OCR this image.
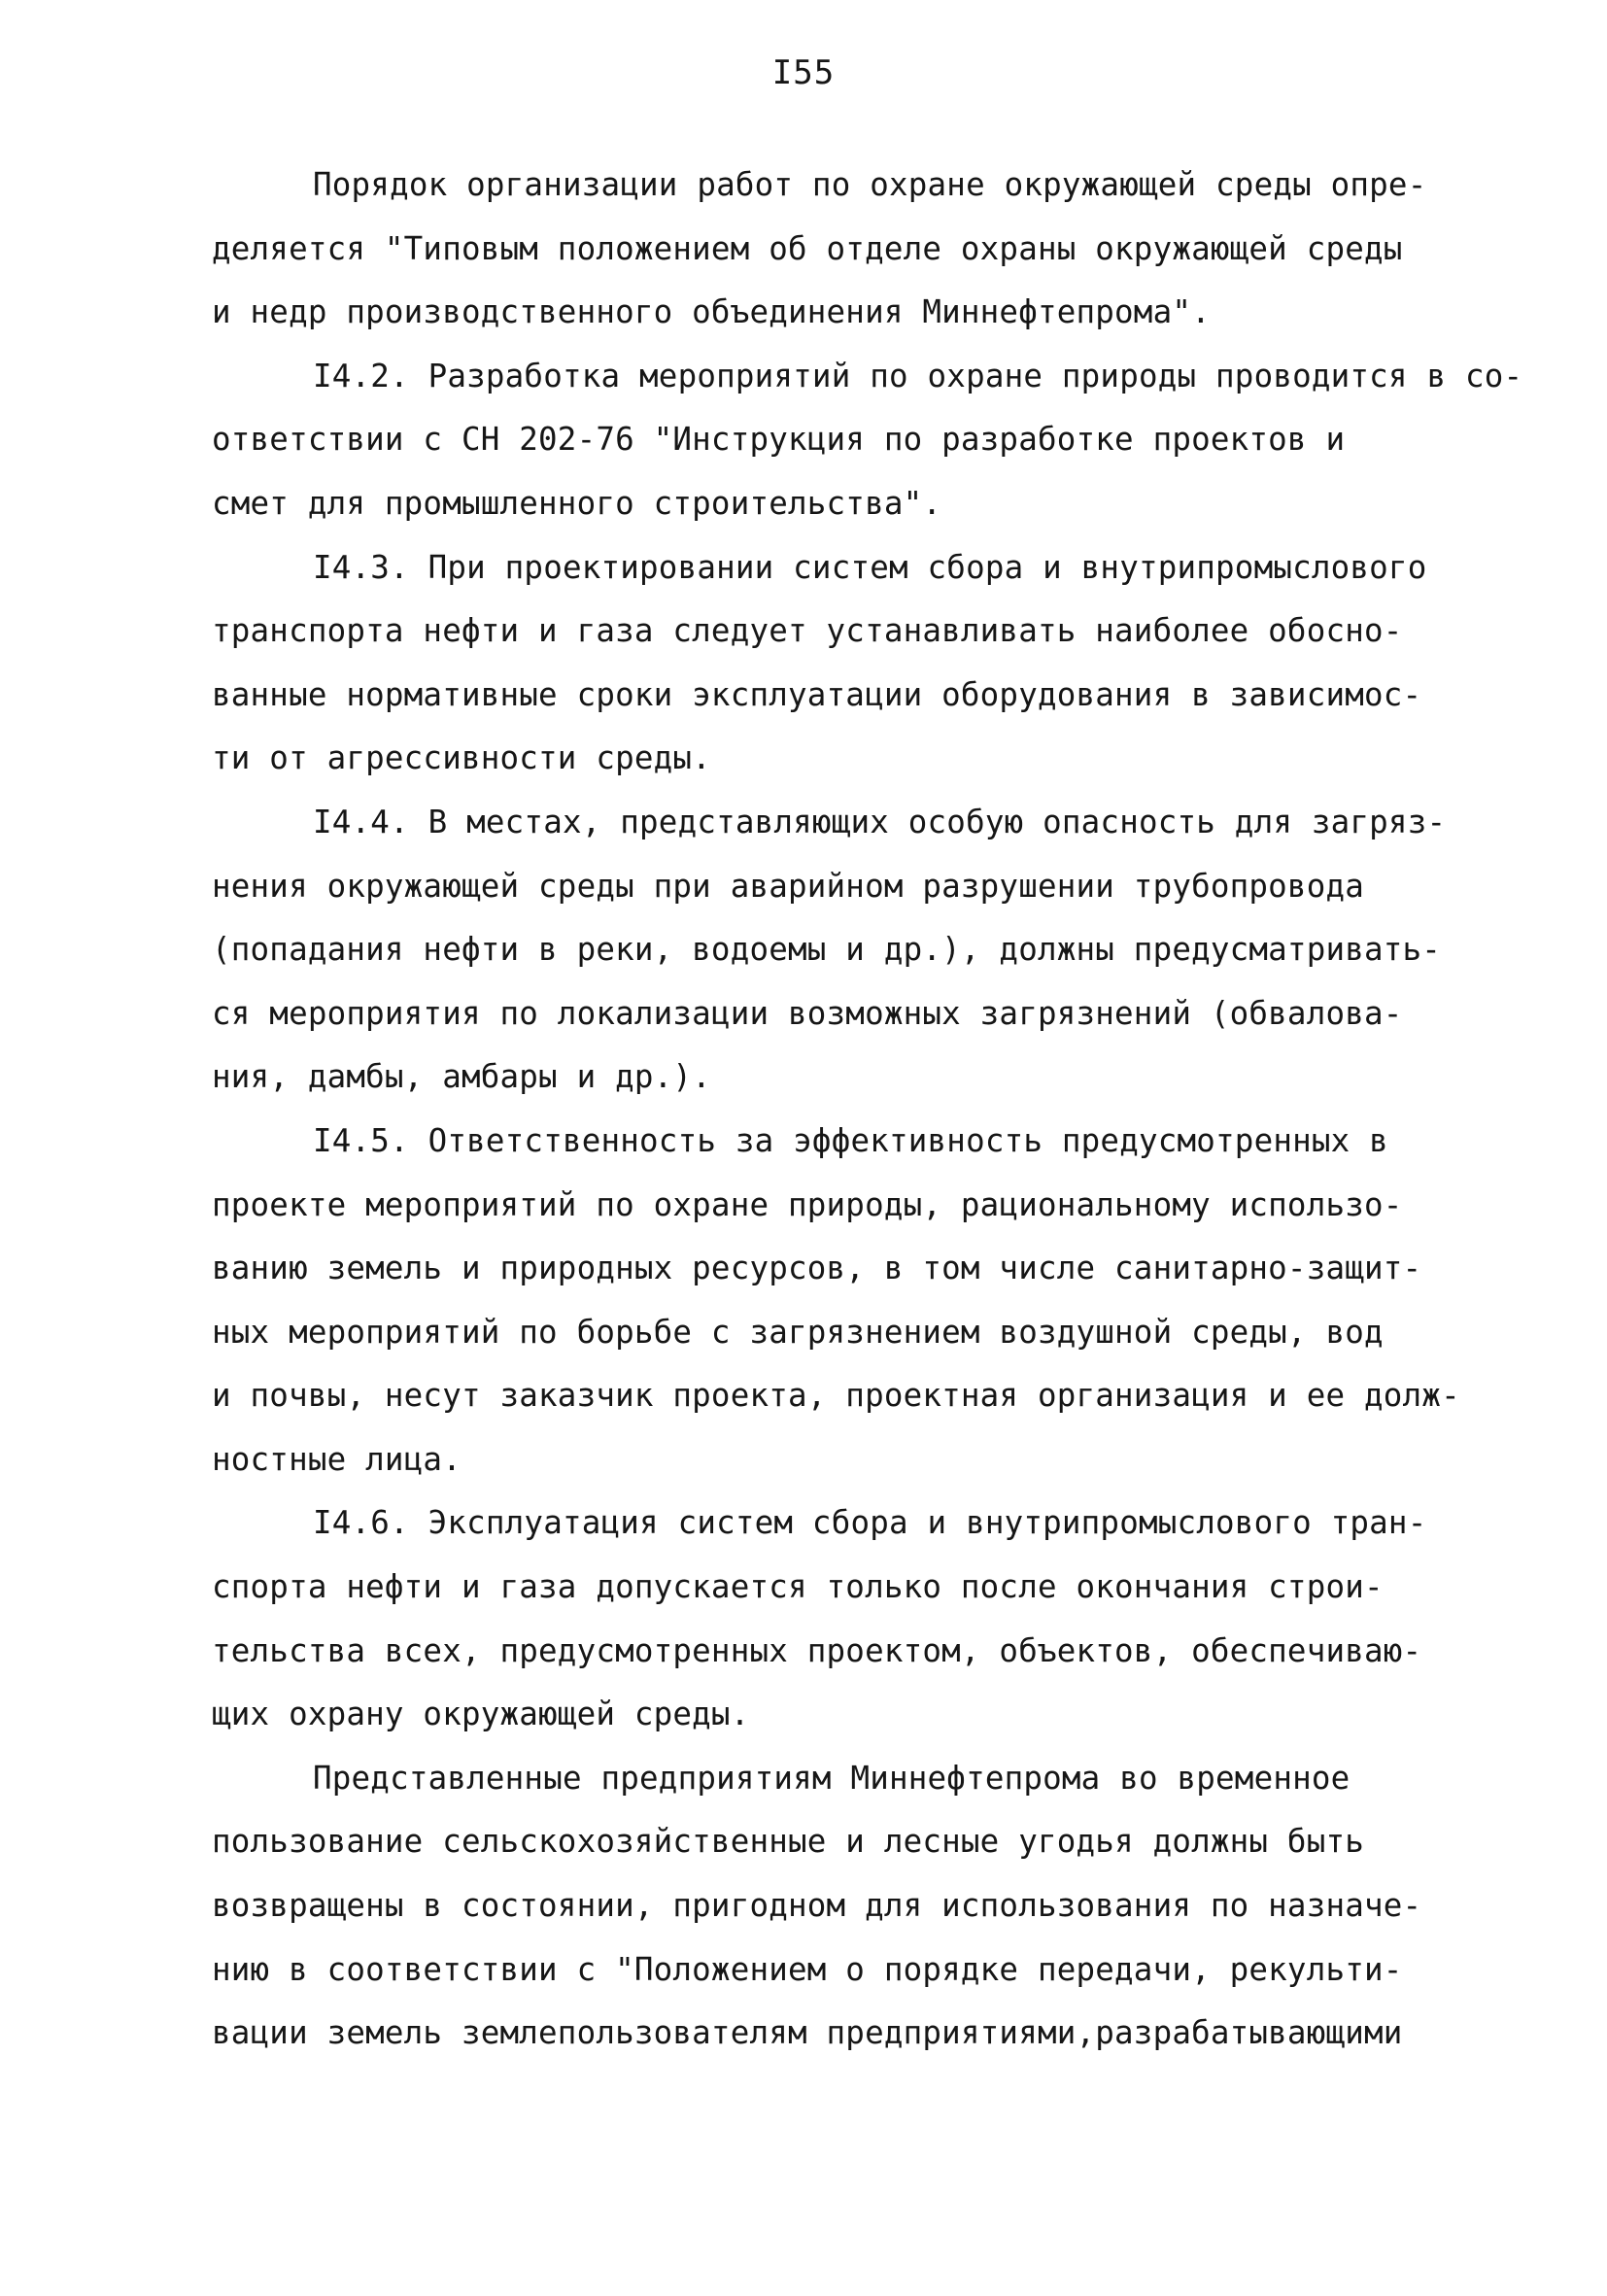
I55
Порядок организации работ по охране окружающей среды опре-
деляется "Типовым положением об отделе охраны окружающей среды
и недр производственного объединения Миннефтепрома".
I4.2. Разработка мероприятий по охране природы проводится в со-
ответствии с СН 202-76 "Инструкция по разработке проектов и
смет для промышленного строительства".
I4.3. При проектировании систем сбора и внутрипромыслового
транспорта нефти и газа следует устанавливать наиболее обосно-
ванные нормативные сроки эксплуатации оборудования в зависимос-
ти от агрессивности среды.
I4.4. В местах, представляющих особую опасность для загряз-
нения окружающей среды при аварийном разрушении трубопровода
(попадания нефти в реки, водоемы и др.), должны предусматривать-
ся мероприятия по локализации возможных загрязнений (обвалова-
ния, дамбы, амбары и др.).
I4.5. Ответственность за эффективность предусмотренных в
проекте мероприятий по охране природы, рациональному использо-
ванию земель и природных ресурсов, в том числе санитарно-защит-
ных мероприятий по борьбе с загрязнением воздушной среды, вод
и почвы, несут заказчик проекта, проектная организация и ее долж-
ностные лица.
I4.6. Эксплуатация систем сбора и внутрипромыслового тран-
спорта нефти и газа допускается только после окончания строи-
тельства всех, предусмотренных проектом, объектов, обеспечиваю-
щих охрану окружающей среды.
Представленные предприятиям Миннефтепрома во временное
пользование сельскохозяйственные и лесные угодья должны быть
возвращены в состоянии, пригодном для использования по назначе-
нию в соответствии с "Положением о порядке передачи, рекульти-
вации земель землепользователям предприятиями,разрабатывающими
